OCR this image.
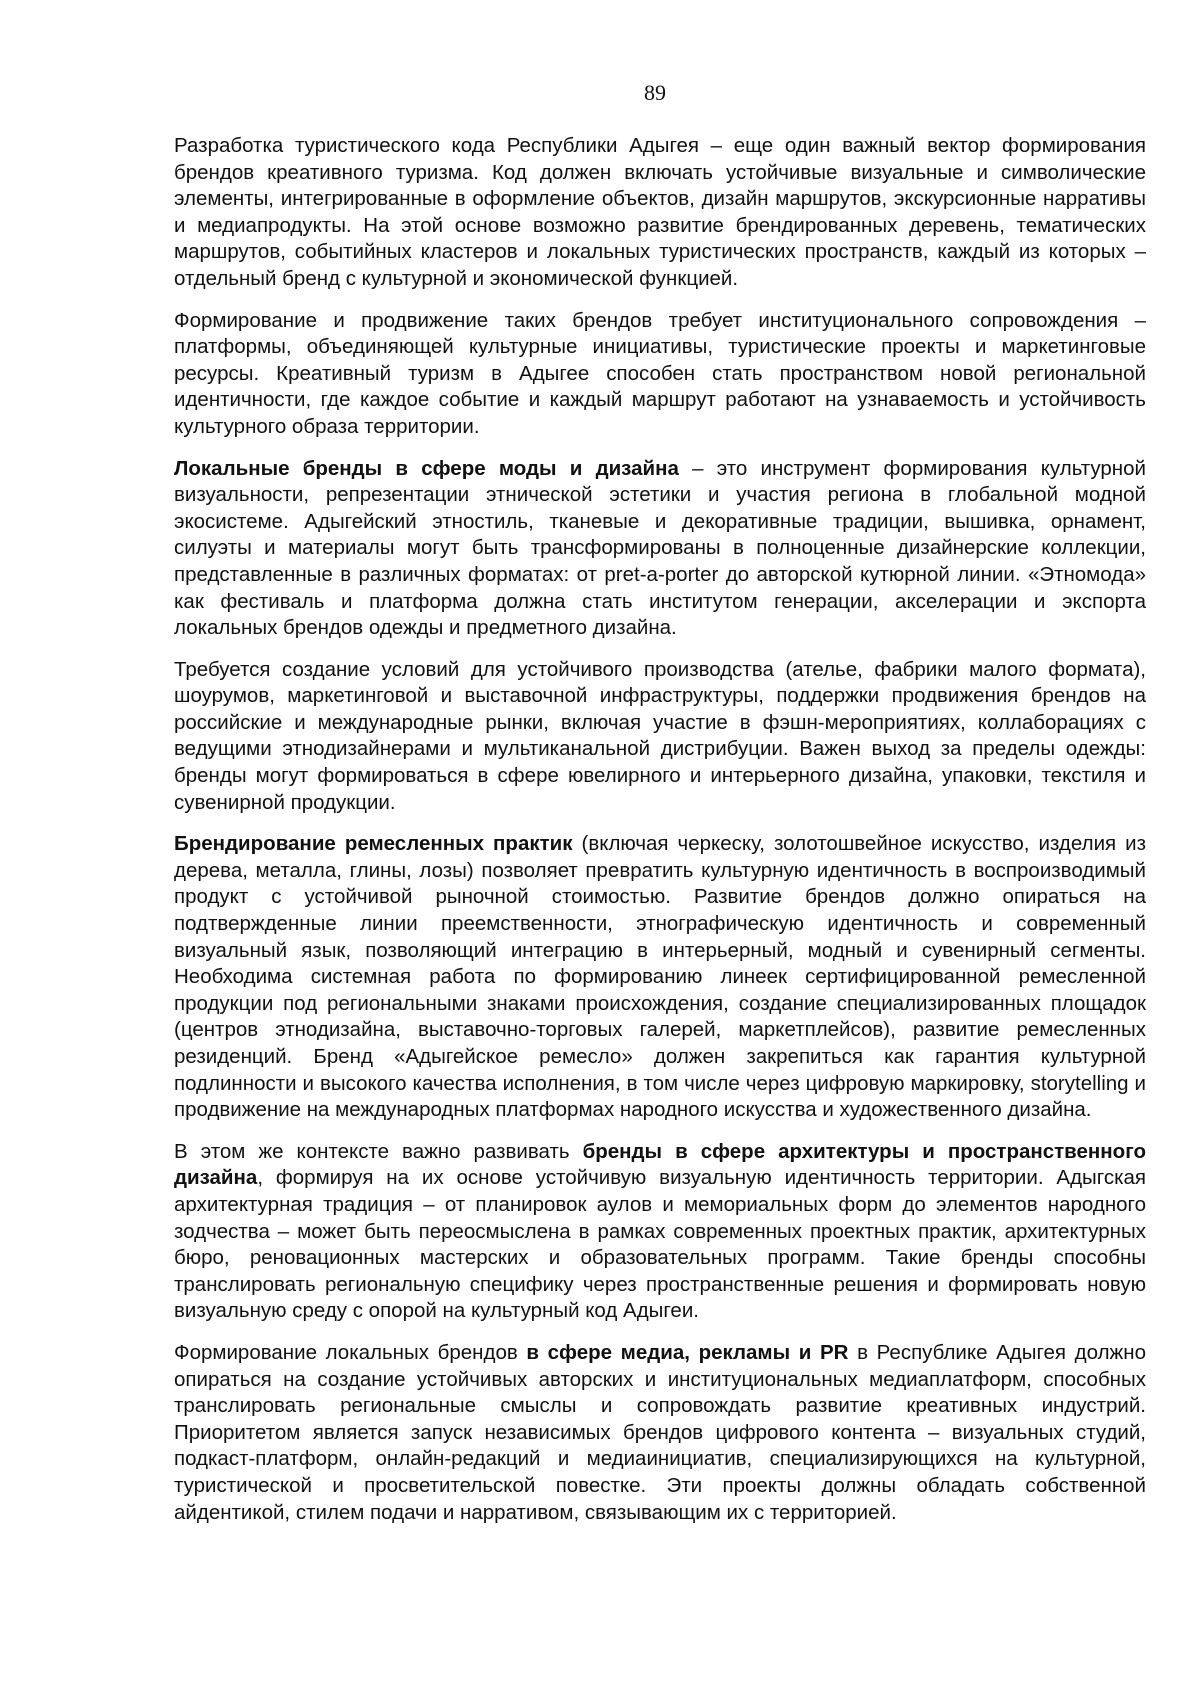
89

Разработка туристического кода Республики Адыгея – еще один важный вектор формирования брендов креативного туризма. Код должен включать устойчивые визуальные и символические элементы, интегрированные в оформление объектов, дизайн маршрутов, экскурсионные нарративы и медиапродукты. На этой основе возможно развитие брендированных деревень, тематических маршрутов, событийных кластеров и локальных туристических пространств, каждый из которых – отдельный бренд с культурной и экономической функцией.

Формирование и продвижение таких брендов требует институционального сопровождения – платформы, объединяющей культурные инициативы, туристические проекты и маркетинговые ресурсы. Креативный туризм в Адыгее способен стать пространством новой региональной идентичности, где каждое событие и каждый маршрут работают на узнаваемость и устойчивость культурного образа территории.

Локальные бренды в сфере моды и дизайна – это инструмент формирования культурной визуальности, репрезентации этнической эстетики и участия региона в глобальной модной экосистеме. Адыгейский этностиль, тканевые и декоративные традиции, вышивка, орнамент, силуэты и материалы могут быть трансформированы в полноценные дизайнерские коллекции, представленные в различных форматах: от pret-a-porter до авторской кутюрной линии. «Этномода» как фестиваль и платформа должна стать институтом генерации, акселерации и экспорта локальных брендов одежды и предметного дизайна.

Требуется создание условий для устойчивого производства (ателье, фабрики малого формата), шоурумов, маркетинговой и выставочной инфраструктуры, поддержки продвижения брендов на российские и международные рынки, включая участие в фэшн-мероприятиях, коллаборациях с ведущими этнодизайнерами и мультиканальной дистрибуции. Важен выход за пределы одежды: бренды могут формироваться в сфере ювелирного и интерьерного дизайна, упаковки, текстиля и сувенирной продукции.

Брендирование ремесленных практик (включая черкеску, золотошвейное искусство, изделия из дерева, металла, глины, лозы) позволяет превратить культурную идентичность в воспроизводимый продукт с устойчивой рыночной стоимостью. Развитие брендов должно опираться на подтвержденные линии преемственности, этнографическую идентичность и современный визуальный язык, позволяющий интеграцию в интерьерный, модный и сувенирный сегменты. Необходима системная работа по формированию линеек сертифицированной ремесленной продукции под региональными знаками происхождения, создание специализированных площадок (центров этнодизайна, выставочно-торговых галерей, маркетплейсов), развитие ремесленных резиденций. Бренд «Адыгейское ремесло» должен закрепиться как гарантия культурной подлинности и высокого качества исполнения, в том числе через цифровую маркировку, storytelling и продвижение на международных платформах народного искусства и художественного дизайна.

В этом же контексте важно развивать бренды в сфере архитектуры и пространственного дизайна, формируя на их основе устойчивую визуальную идентичность территории. Адыгская архитектурная традиция – от планировок аулов и мемориальных форм до элементов народного зодчества – может быть переосмыслена в рамках современных проектных практик, архитектурных бюро, реновационных мастерских и образовательных программ. Такие бренды способны транслировать региональную специфику через пространственные решения и формировать новую визуальную среду с опорой на культурный код Адыгеи.

Формирование локальных брендов в сфере медиа, рекламы и PR в Республике Адыгея должно опираться на создание устойчивых авторских и институциональных медиаплатформ, способных транслировать региональные смыслы и сопровождать развитие креативных индустрий. Приоритетом является запуск независимых брендов цифрового контента – визуальных студий, подкаст-платформ, онлайн-редакций и медиаинициатив, специализирующихся на культурной, туристической и просветительской повестке. Эти проекты должны обладать собственной айдентикой, стилем подачи и нарративом, связывающим их с территорией.
